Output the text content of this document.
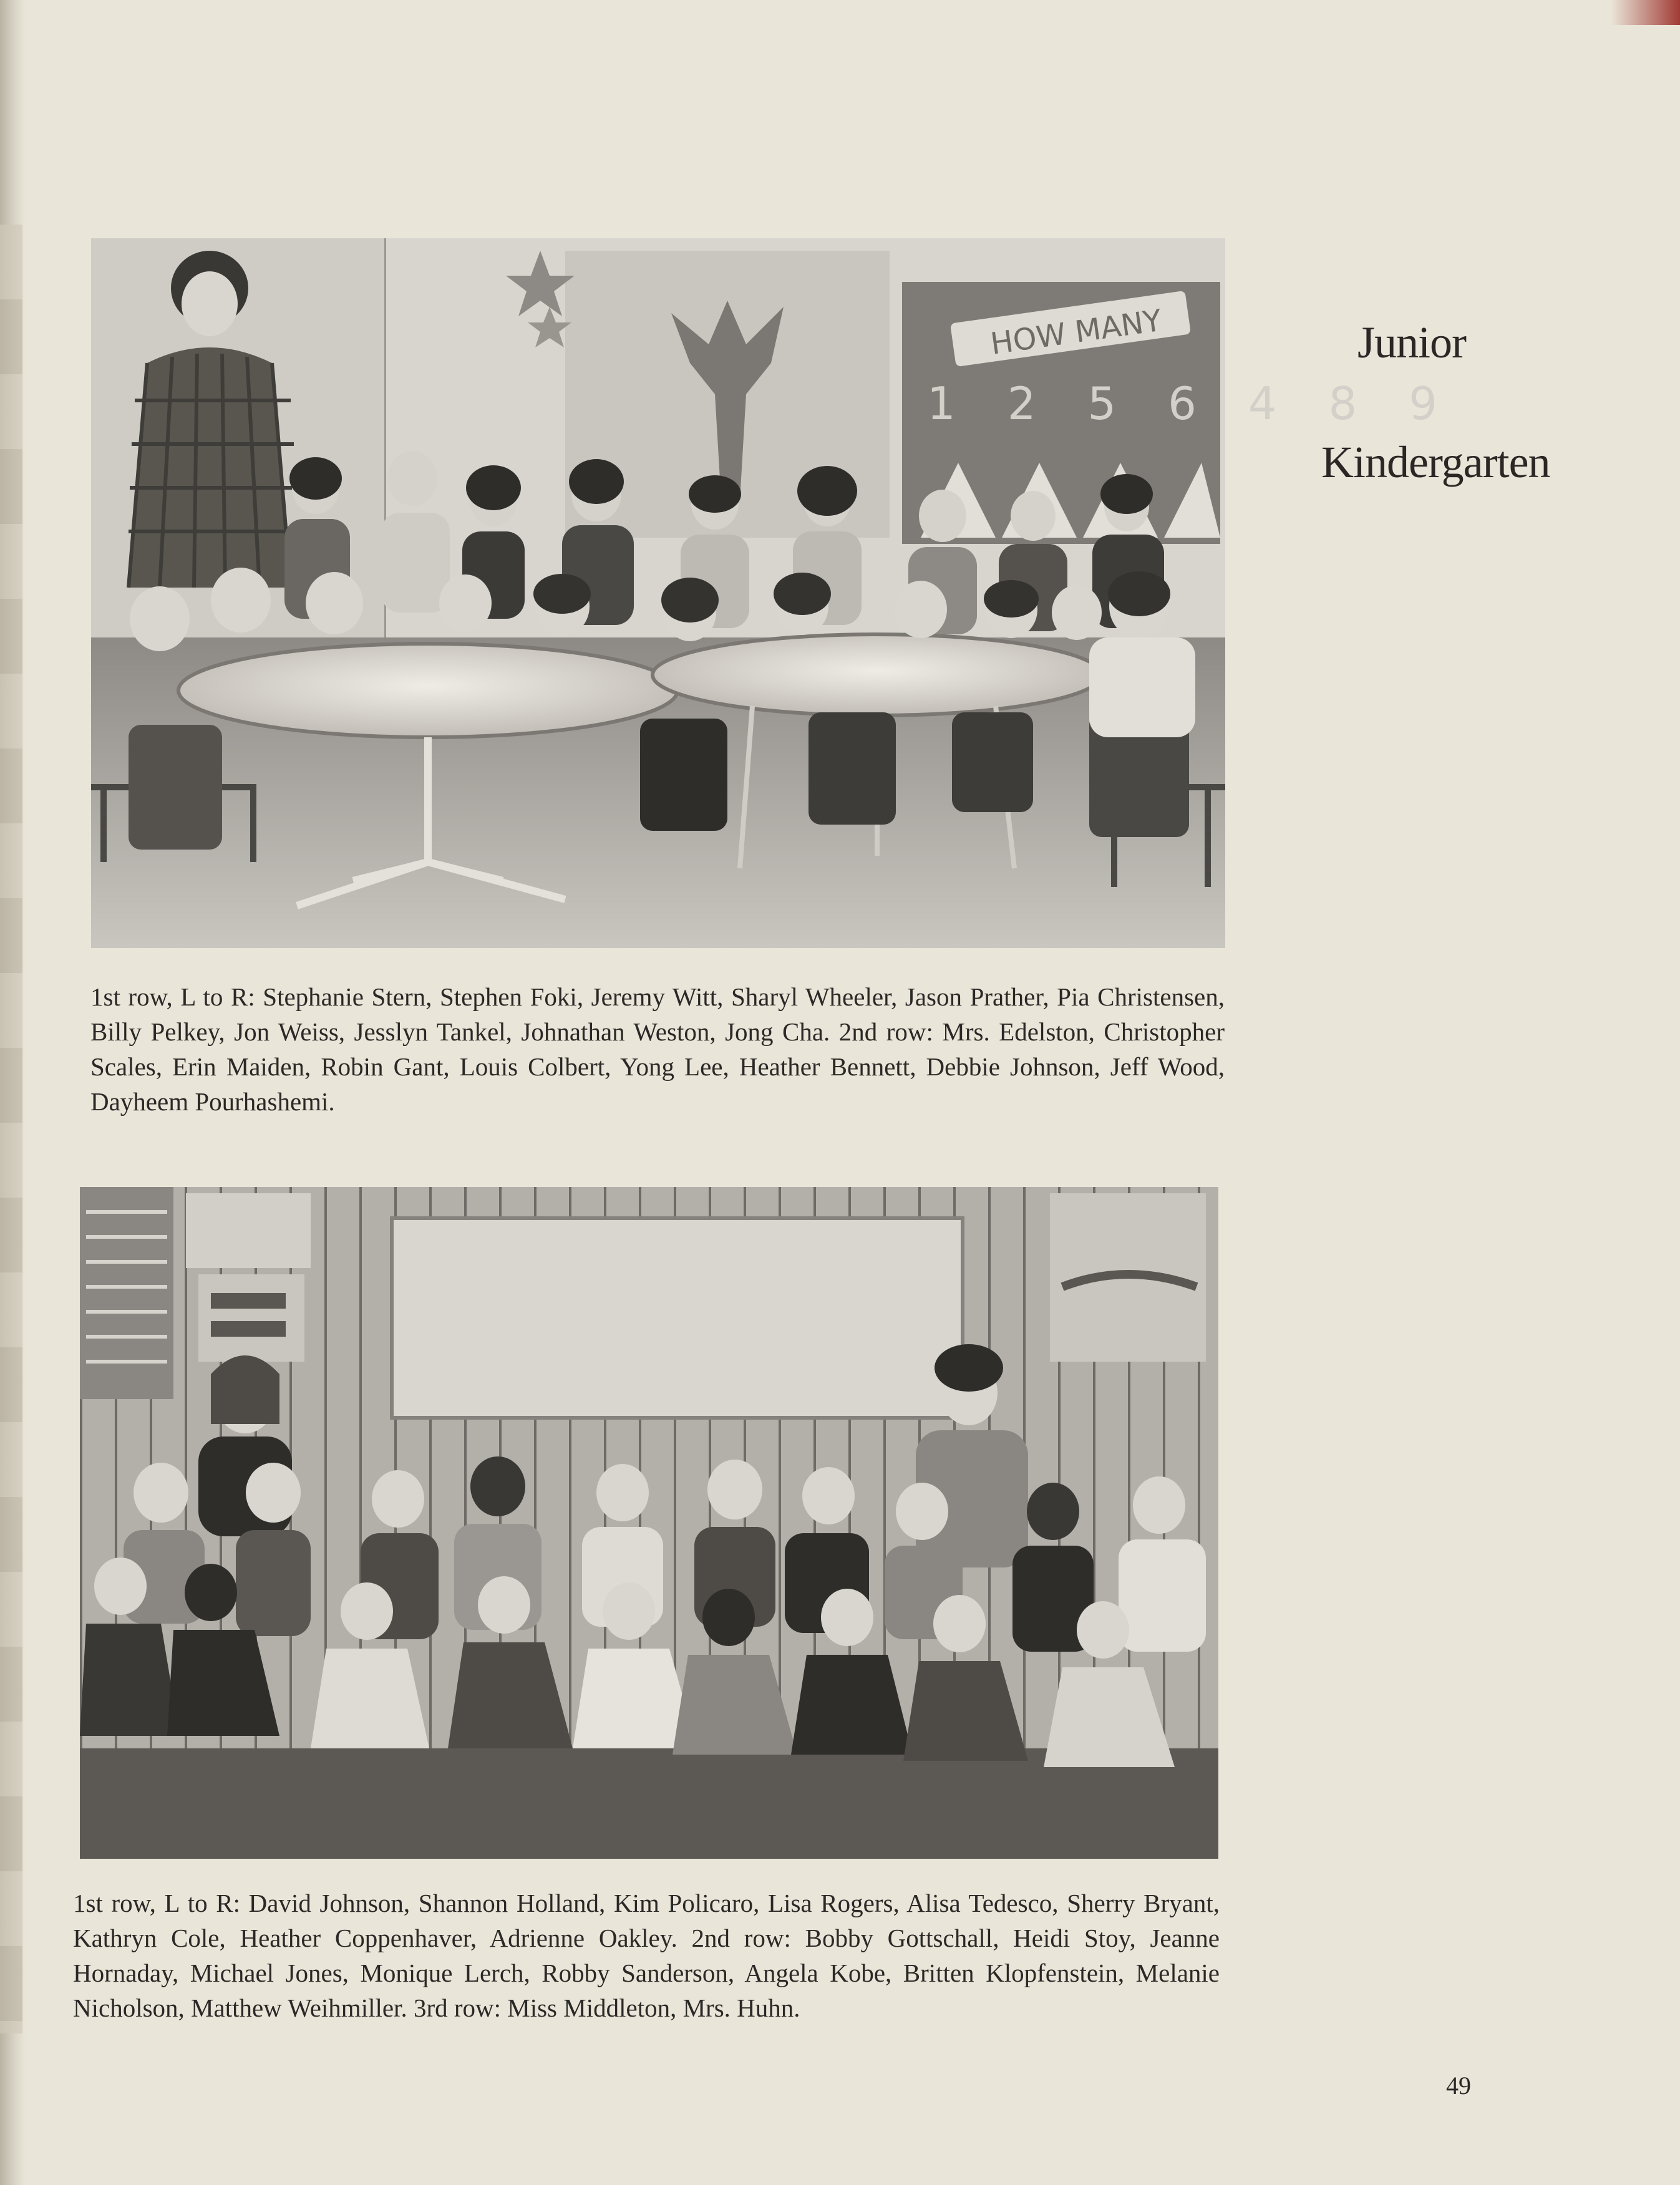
HOW MANY
1 2 5 6 4 8 9

1st row, L to R: Stephanie Stern, Stephen Foki, Jeremy Witt, Sharyl Wheeler, Jason Prather, Pia Christensen, Billy Pelkey, Jon Weiss, Jesslyn Tankel, Johnathan Weston, Jong Cha. 2nd row: Mrs. Edelston, Christopher Scales, Erin Maiden, Robin Gant, Louis Colbert, Yong Lee, Heather Bennett, Debbie Johnson, Jeff Wood, Dayheem Pourhashemi.

1st row, L to R: David Johnson, Shannon Holland, Kim Policaro, Lisa Rogers, Alisa Tedesco, Sherry Bryant, Kathryn Cole, Heather Coppenhaver, Adrienne Oakley. 2nd row: Bobby Gottschall, Heidi Stoy, Jeanne Hornaday, Michael Jones, Monique Lerch, Robby Sanderson, Angela Kobe, Britten Klopfenstein, Melanie Nicholson, Matthew Weihmiller. 3rd row: Miss Middleton, Mrs. Huhn.

Junior
Kindergarten
49
